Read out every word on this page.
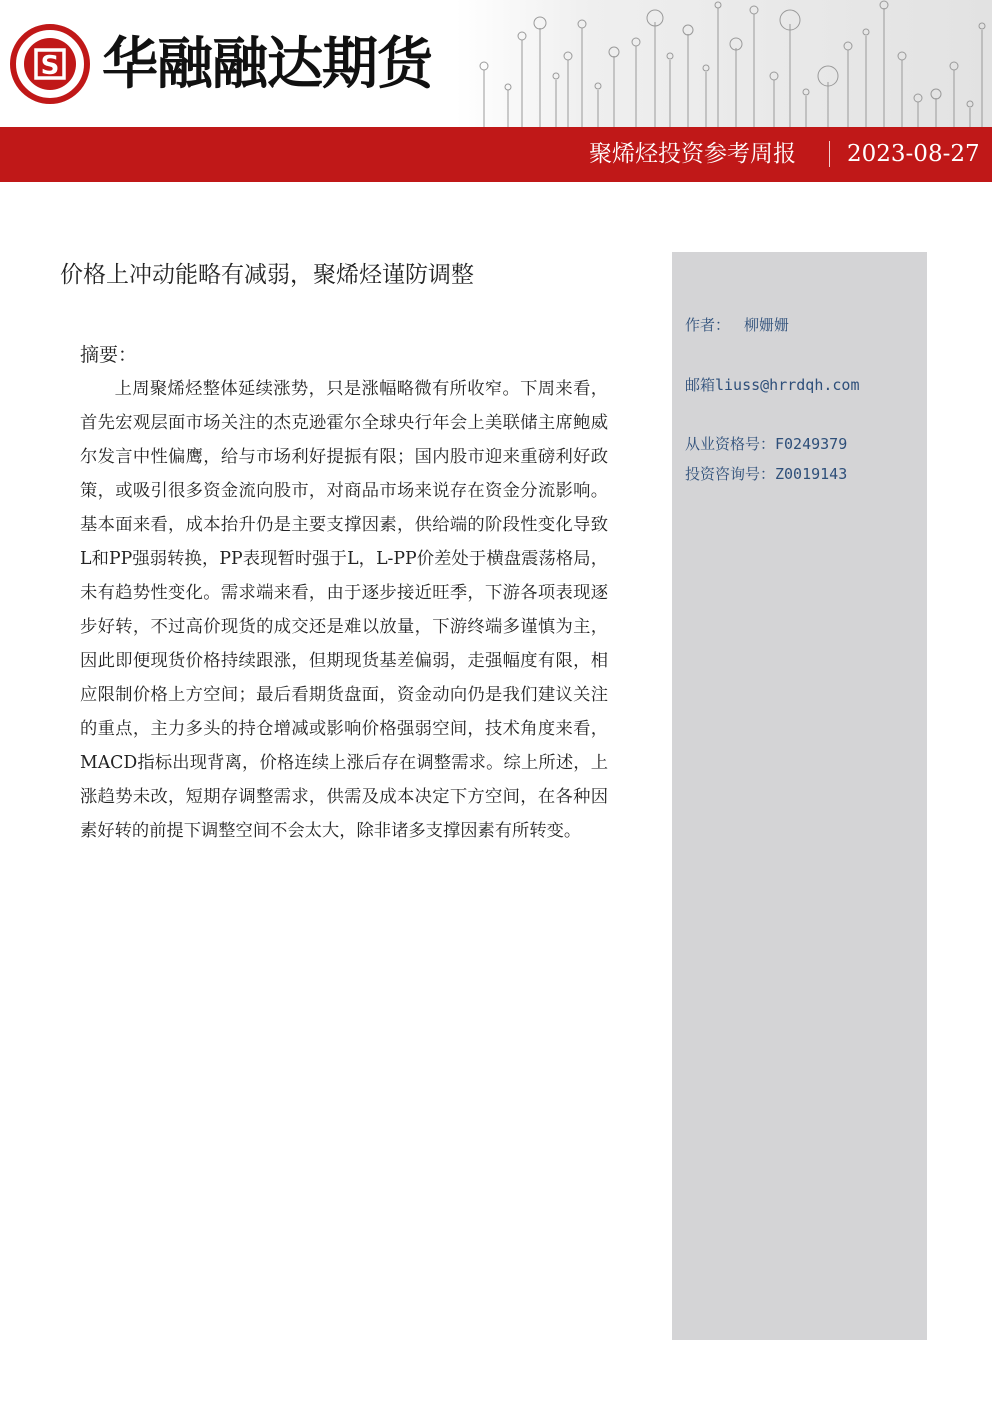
S 华融融达期货
聚烯烃投资参考周报 2023-08-27
价格上冲动能略有减弱，聚烯烃谨防调整
摘要：

上周聚烯烃整体延续涨势，只是涨幅略微有所收窄。下周来看，首先宏观层面市场关注的杰克逊霍尔全球央行年会上美联储主席鲍威尔发言中性偏鹰，给与市场利好提振有限；国内股市迎来重磅利好政策，或吸引很多资金流向股市，对商品市场来说存在资金分流影响。基本面来看，成本抬升仍是主要支撑因素，供给端的阶段性变化导致L和PP强弱转换，PP表现暂时强于L，L-PP价差处于横盘震荡格局，未有趋势性变化。需求端来看，由于逐步接近旺季，下游各项表现逐步好转，不过高价现货的成交还是难以放量，下游终端多谨慎为主，因此即便现货价格持续跟涨，但期现货基差偏弱，走强幅度有限，相应限制价格上方空间；最后看期货盘面，资金动向仍是我们建议关注的重点，主力多头的持仓增减或影响价格强弱空间，技术角度来看，MACD指标出现背离，价格连续上涨后存在调整需求。综上所述，上涨趋势未改，短期存调整需求，供需及成本决定下方空间，在各种因素好转的前提下调整空间不会太大，除非诸多支撑因素有所转变。

作者： 柳姗姗
邮箱liuss@hrrdqh.com
从业资格号：F0249379
投资咨询号：Z0019143
